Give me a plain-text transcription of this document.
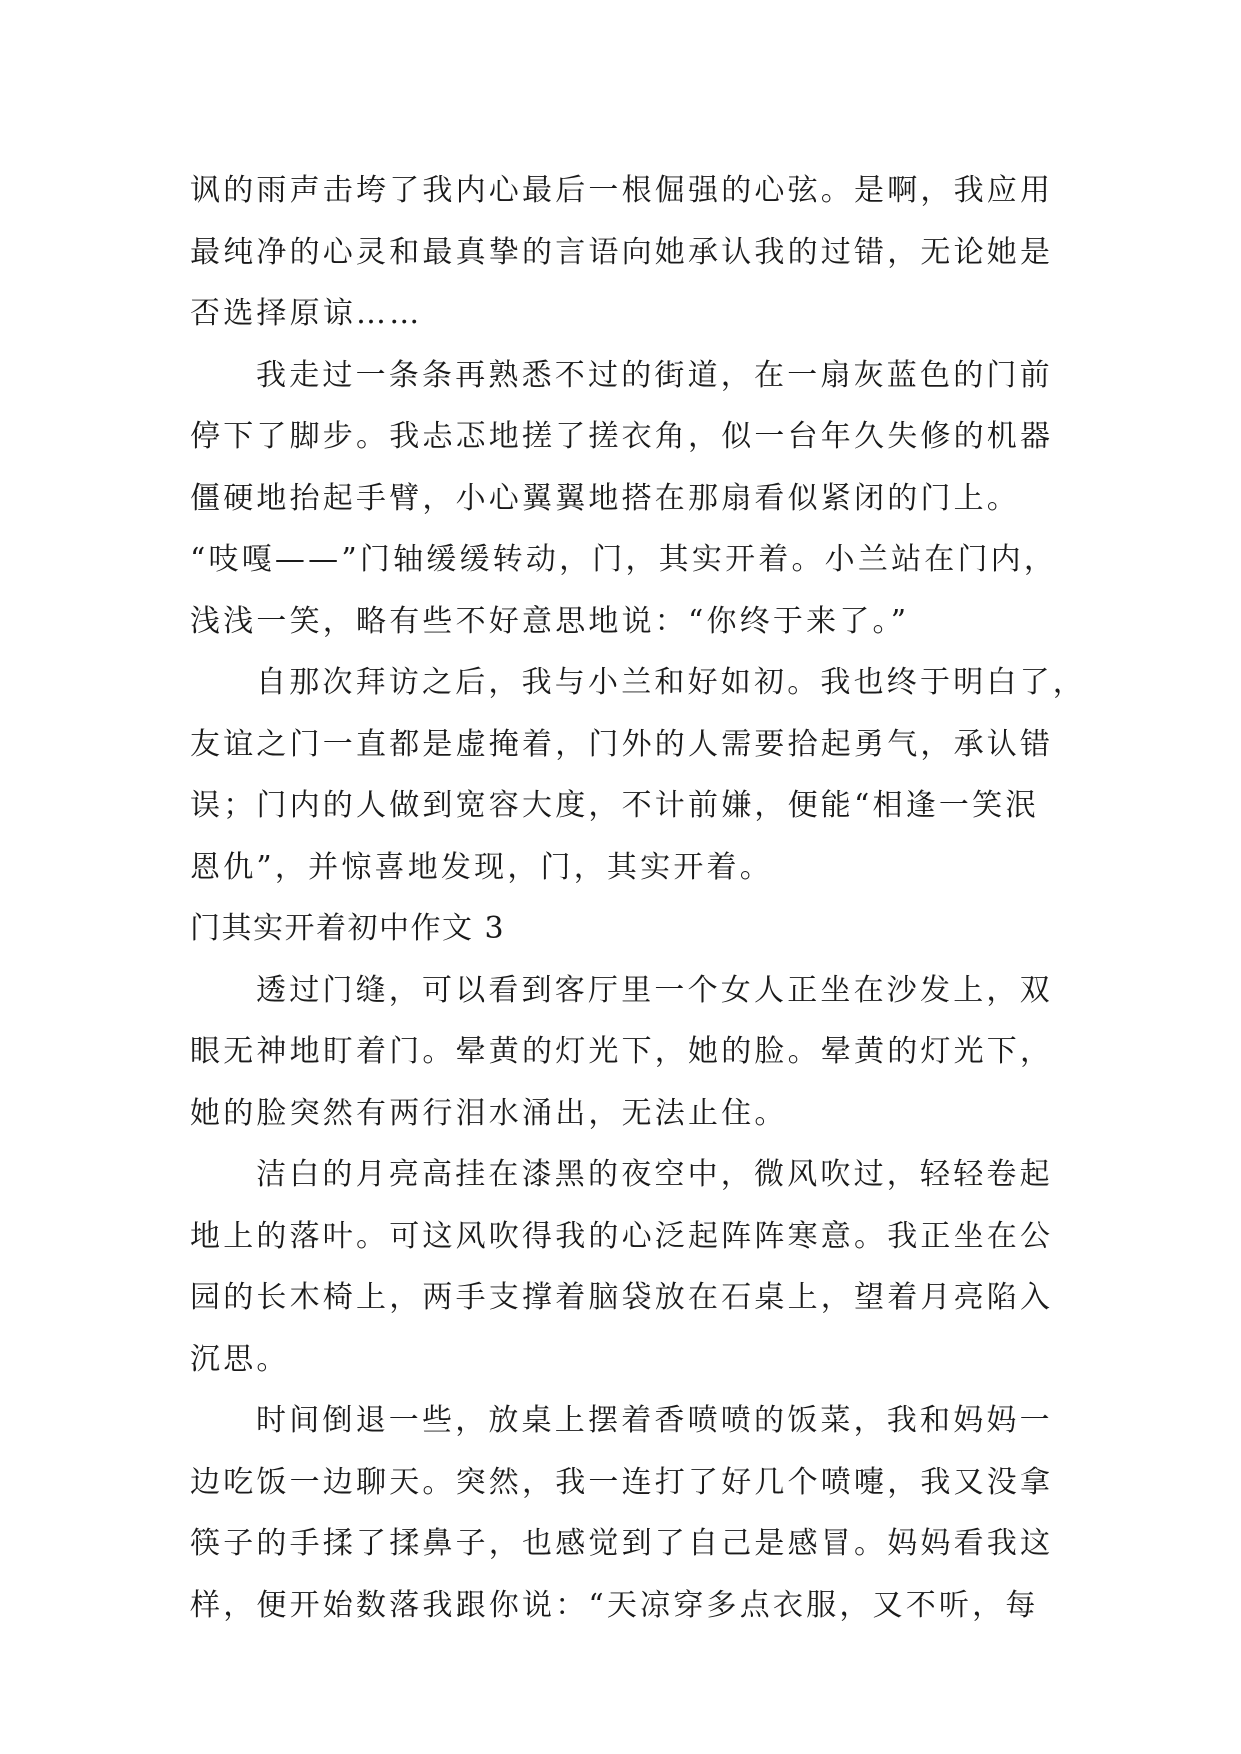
讽的雨声击垮了我内心最后一根倔强的心弦。是啊，我应用
最纯净的心灵和最真挚的言语向她承认我的过错，无论她是
否选择原谅……
我走过一条条再熟悉不过的街道，在一扇灰蓝色的门前
停下了脚步。我忐忑地搓了搓衣角，似一台年久失修的机器
僵硬地抬起手臂，小心翼翼地搭在那扇看似紧闭的门上。
“吱嘎——”门轴缓缓转动，门，其实开着。小兰站在门内，
浅浅一笑，略有些不好意思地说：“你终于来了。”
自那次拜访之后，我与小兰和好如初。我也终于明白了，
友谊之门一直都是虚掩着，门外的人需要拾起勇气，承认错
误；门内的人做到宽容大度，不计前嫌，便能“相逢一笑泯
恩仇”，并惊喜地发现，门，其实开着。
门其实开着初中作文 3
透过门缝，可以看到客厅里一个女人正坐在沙发上，双
眼无神地盯着门。晕黄的灯光下，她的脸。晕黄的灯光下，
她的脸突然有两行泪水涌出，无法止住。
洁白的月亮高挂在漆黑的夜空中，微风吹过，轻轻卷起
地上的落叶。可这风吹得我的心泛起阵阵寒意。我正坐在公
园的长木椅上，两手支撑着脑袋放在石桌上，望着月亮陷入
沉思。
时间倒退一些，放桌上摆着香喷喷的饭菜，我和妈妈一
边吃饭一边聊天。突然，我一连打了好几个喷嚏，我又没拿
筷子的手揉了揉鼻子，也感觉到了自己是感冒。妈妈看我这
样，便开始数落我跟你说：“天凉穿多点衣服，又不听，每
